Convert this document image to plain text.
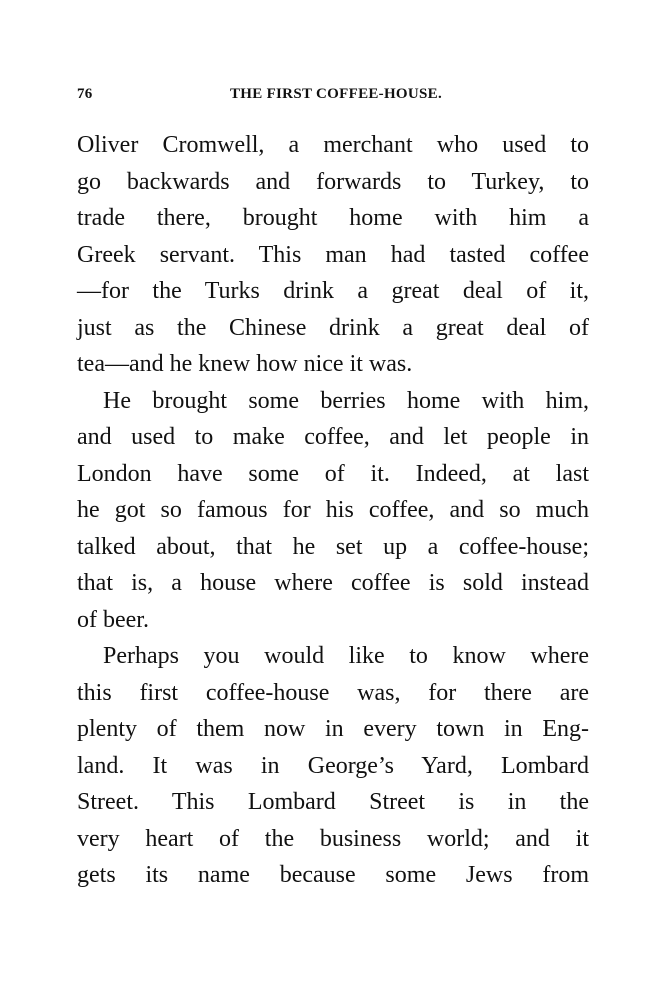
76	THE FIRST COFFEE-HOUSE.
Oliver Cromwell, a merchant who used to
go backwards and forwards to Turkey, to
trade there, brought home with him a
Greek servant. This man had tasted coffee
—for the Turks drink a great deal of it,
just as the Chinese drink a great deal of
tea—and he knew how nice it was.
He brought some berries home with him,
and used to make coffee, and let people in
London have some of it. Indeed, at last
he got so famous for his coffee, and so much
talked about, that he set up a coffee-house;
that is, a house where coffee is sold instead
of beer.
Perhaps you would like to know where
this first coffee-house was, for there are
plenty of them now in every town in Eng-
land. It was in George’s Yard, Lombard
Street. This Lombard Street is in the
very heart of the business world; and it
gets its name because some Jews from
